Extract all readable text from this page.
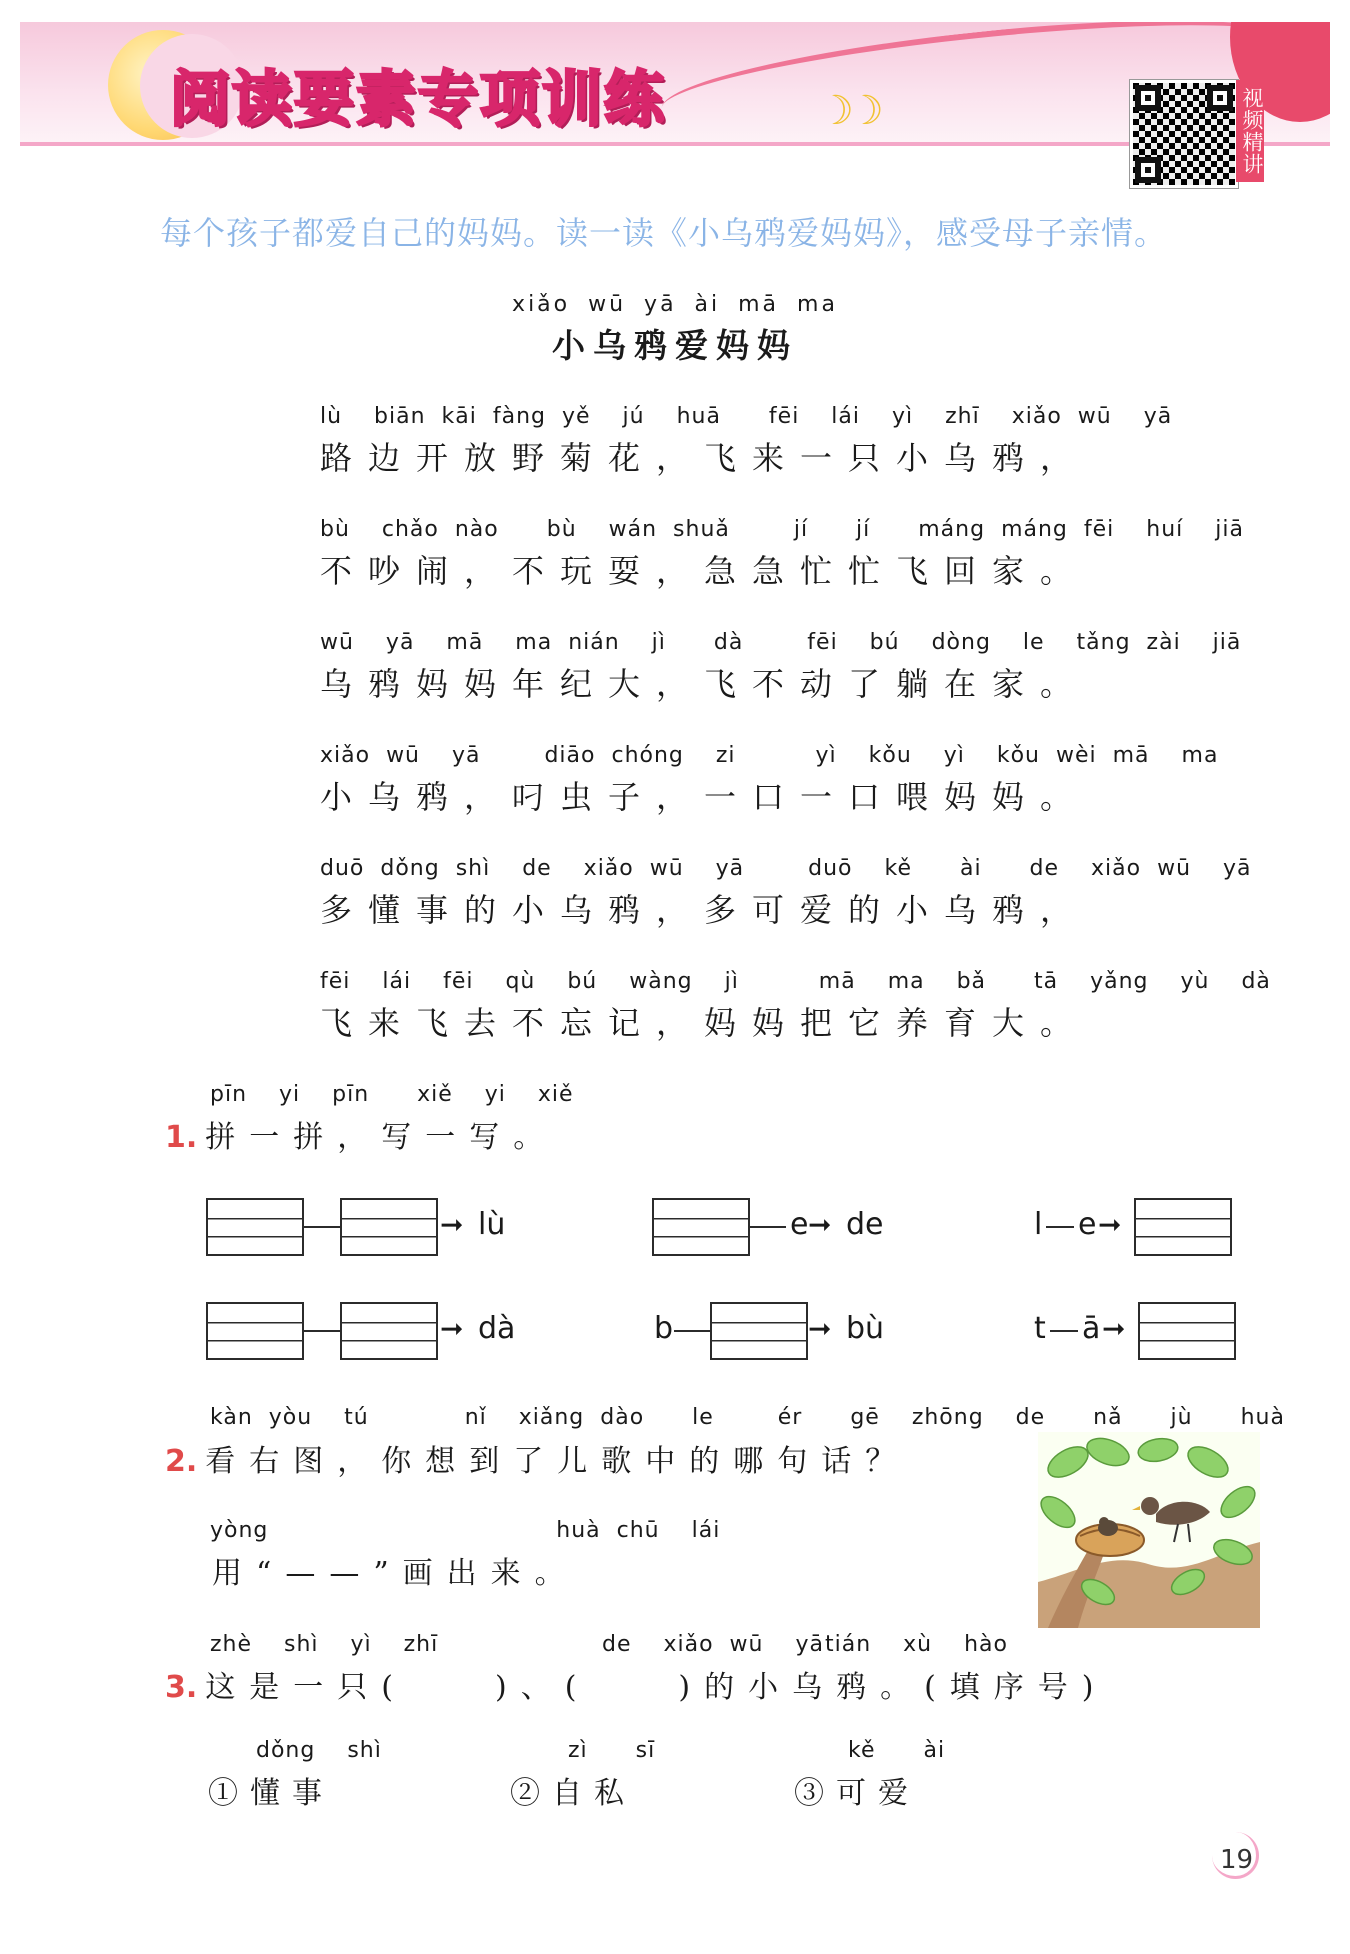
阅读要素专项训练	☽☽	视频精讲
每个孩子都爱自己的妈妈。读一读《小乌鸦爱妈妈》，感受母子亲情。
xiǎo wū yā ài mā ma
小乌鸦爱妈妈
lù  biān kāi fàng yě  jú  huā   fēi  lái  yì  zhī  xiǎo wū  yā
路边开放野菊花，飞来一只小乌鸦，
bù  chǎo nào   bù  wán shuǎ    jí   jí   máng máng fēi  huí  jiā
不吵闹，不玩耍，急急忙忙飞回家。
wū  yā  mā  ma nián  jì   dà    fēi  bú  dòng  le  tǎng zài  jiā
乌鸦妈妈年纪大，飞不动了躺在家。
xiǎo wū  yā    diāo chóng  zi     yì  kǒu  yì  kǒu wèi mā  ma
小乌鸦，叼虫子，一口一口喂妈妈。
duō dǒng shì  de  xiǎo wū  yā    duō  kě   ài   de  xiǎo wū  yā
多懂事的小乌鸦，多可爱的小乌鸦，
fēi  lái  fēi  qù  bú  wàng  jì     mā  ma  bǎ   tā  yǎng  yù  dà
飞来飞去不忘记，妈妈把它养育大。
pīn  yi  pīn   xiě  yi  xiě
1. 拼一拼，写一写。
➞ lù	e ➞ de	l e ➞
➞ dà	b	➞ bù	t ā ➞
kàn yòu  tú      nǐ  xiǎng dào   le    ér   gē  zhōng  de   nǎ   jù   huà
2. 看右图，你想到了儿歌中的哪句话？
yòng                  huà chū  lái
用“——”画出来。
zhè  shì  yì  zhī	de  xiǎo wū  yā tián  xù  hào
3. 这是一只(　　)、(　　)的小乌鸦。(填序号)
dǒng  shì
①懂事
zì   sī
②自私
kě   ài
③可爱
19
